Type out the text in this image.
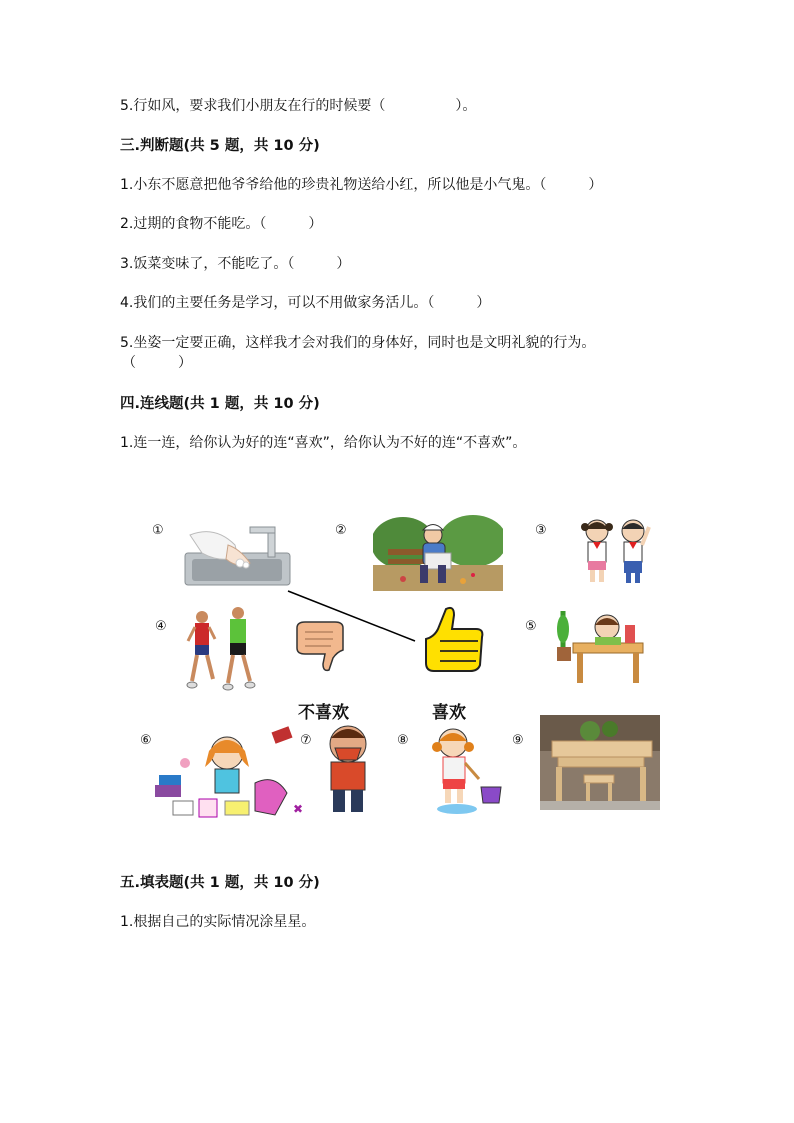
5.行如风，要求我们小朋友在行的时候要（　　　　　）。
三.判断题(共 5 题，共 10 分)
1.小东不愿意把他爷爷给他的珍贵礼物送给小红，所以他是小气鬼。（　　　）
2.过期的食物不能吃。（　　　）
3.饭菜变味了，不能吃了。（　　　）
4.我们的主要任务是学习，可以不用做家务活儿。（　　　）
5.坐姿一定要正确，这样我才会对我们的身体好，同时也是文明礼貌的行为。
（　　　）
四.连线题(共 1 题，共 10 分)
1.连一连，给你认为好的连“喜欢”，给你认为不好的连“不喜欢”。
五.填表题(共 1 题，共 10 分)
1.根据自己的实际情况涂星星。
①	②	③
④	⑤
⑥	⑦	⑧	⑨
不喜欢	喜欢
✖
